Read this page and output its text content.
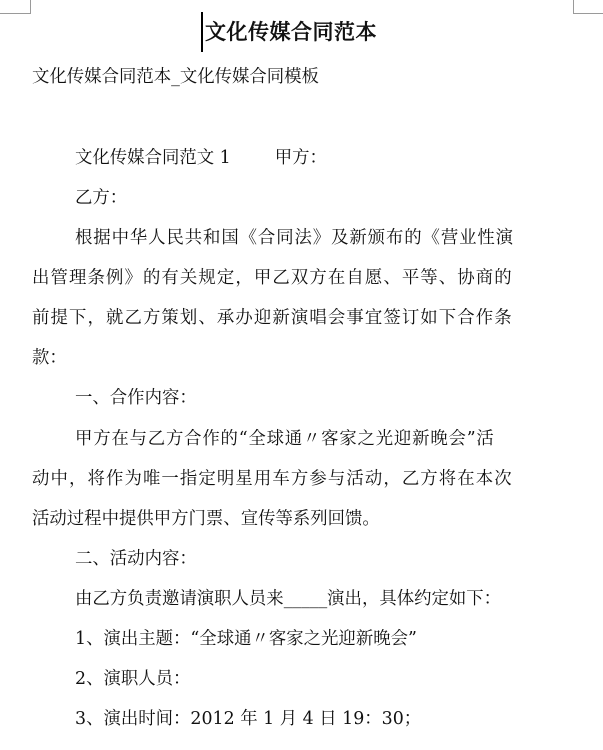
文化传媒合同范本
文化传媒合同范本_文化传媒合同模板
文化传媒合同范文 1	甲方：
乙方：
根据中华人民共和国《合同法》及新颁布的《营业性演
出管理条例》的有关规定，甲乙双方在自愿、平等、协商的
前提下，就乙方策划、承办迎新演唱会事宜签订如下合作条
款：
一、合作内容：
甲方在与乙方合作的“全球通〃客家之光迎新晚会”活
动中，将作为唯一指定明星用车方参与活动，乙方将在本次
活动过程中提供甲方门票、宣传等系列回馈。
二、活动内容：
由乙方负责邀请演职人员来_____演出，具体约定如下：
1、演出主题：“全球通〃客家之光迎新晚会”
2、演职人员：
3、演出时间：2012 年 1 月 4 日 19：30；
